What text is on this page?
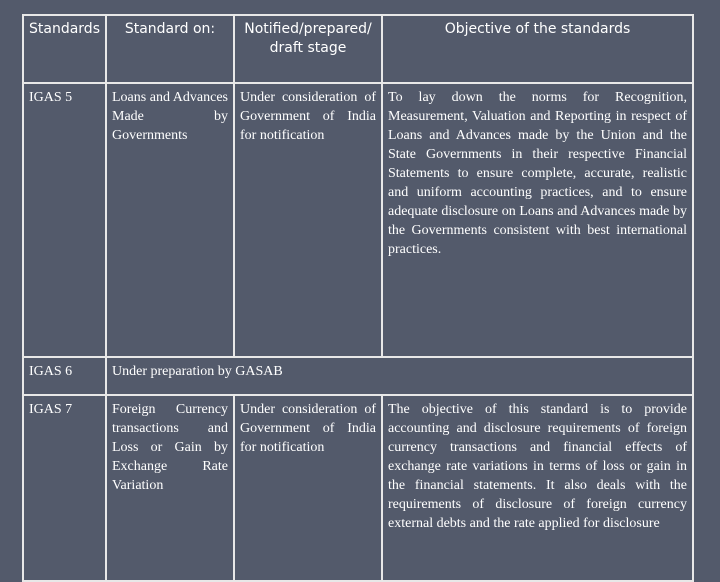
Standards	Standard on:	Notified/prepared/draft stage	Objective of the standards
IGAS 5	Loans and Advances Made by Governments	Under consideration of Government of India for notification	To lay down the norms for Recognition, Measurement, Valuation and Reporting in respect of Loans and Advances made by the Union and the State Governments in their respective Financial Statements to ensure complete, accurate, realistic and uniform accounting practices, and to ensure adequate disclosure on Loans and Advances made by the Governments consistent with best international practices.
IGAS 6	Under preparation by GASAB		
IGAS 7	Foreign Currency transactions and Loss or Gain by Exchange Rate Variation	Under consideration of Government of India for notification	The objective of this standard is to provide accounting and disclosure requirements of foreign currency transactions and financial effects of exchange rate variations in terms of loss or gain in the financial statements. It also deals with the requirements of disclosure of foreign currency external debts and the rate applied for disclosure
